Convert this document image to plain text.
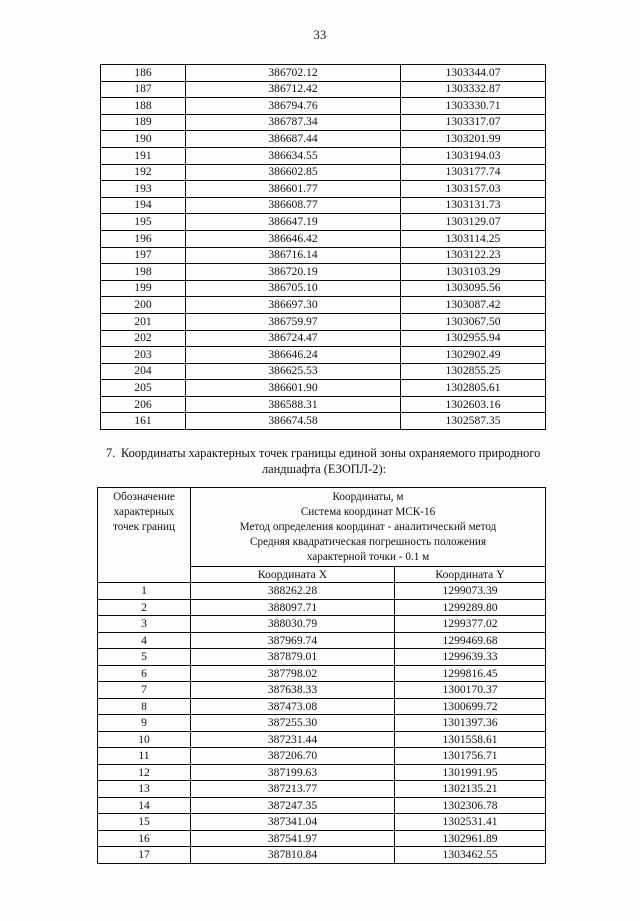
33
186	386702.12	1303344.07
187	386712.42	1303332.87
188	386794.76	1303330.71
189	386787.34	1303317.07
190	386687.44	1303201.99
191	386634.55	1303194.03
192	386602.85	1303177.74
193	386601.77	1303157.03
194	386608.77	1303131.73
195	386647.19	1303129.07
196	386646.42	1303114.25
197	386716.14	1303122.23
198	386720.19	1303103.29
199	386705.10	1303095.56
200	386697.30	1303087.42
201	386759.97	1303067.50
202	386724.47	1302955.94
203	386646.24	1302902.49
204	386625.53	1302855.25
205	386601.90	1302805.61
206	386588.31	1302603.16
161	386674.58	1302587.35
7. Координаты характерных точек границы единой зоны охраняемого природного ландшафта (ЕЗОПЛ-2):
Обозначение
характерных
точек границ	Координаты, м
Система координат МСК-16
Метод определения координат - аналитический метод
Средняя квадратическая погрешность положения
характерной точки - 0.1 м	

	Координата X	Координата Y
1	388262.28	1299073.39
2	388097.71	1299289.80
3	388030.79	1299377.02
4	387969.74	1299469.68
5	387879.01	1299639.33
6	387798.02	1299816.45
7	387638.33	1300170.37
8	387473.08	1300699.72
9	387255.30	1301397.36
10	387231.44	1301558.61
11	387206.70	1301756.71
12	387199.63	1301991.95
13	387213.77	1302135.21
14	387247.35	1302306.78
15	387341.04	1302531.41
16	387541.97	1302961.89
17	387810.84	1303462.55
